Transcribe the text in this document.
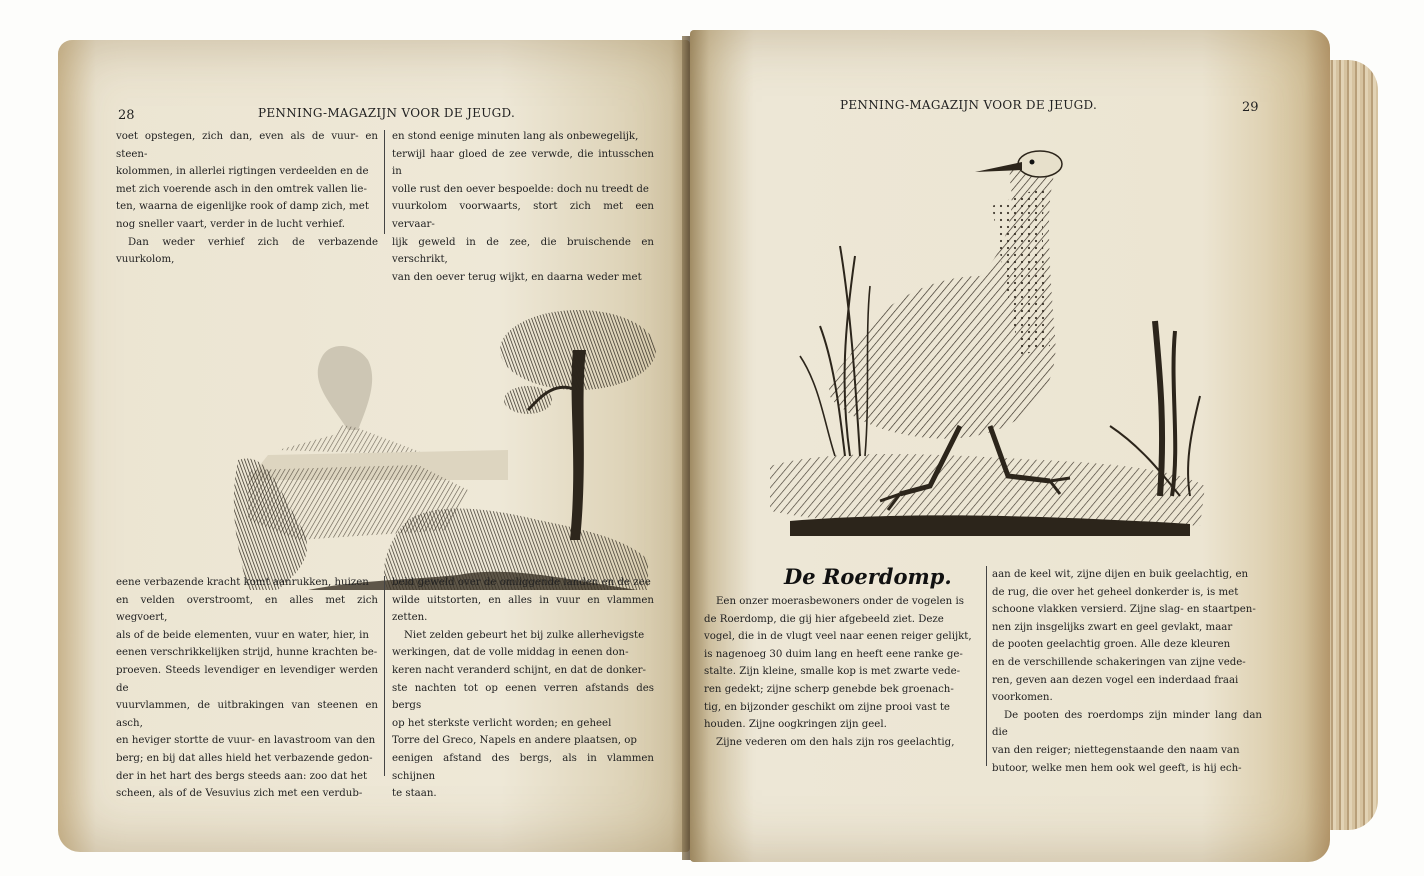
28	PENNING-MAGAZIJN VOOR DE JEUGD.

voet opstegen, zich dan, even als de vuur- en steen-

kolommen, in allerlei rigtingen verdeelden en de

met zich voerende asch in den omtrek vallen lie-

ten, waarna de eigenlijke rook of damp zich, met

nog sneller vaart, verder in de lucht verhief.

Dan weder verhief zich de verbazende vuurkolom,

en stond eenige minuten lang als onbewegelijk,

terwijl haar gloed de zee verwde, die intusschen in

volle rust den oever bespoelde: doch nu treedt de

vuurkolom voorwaarts, stort zich met een vervaar-

lijk geweld in de zee, die bruischende en verschrikt,

van den oever terug wijkt, en daarna weder met

eene verbazende kracht komt aanrukken, huizen

en velden overstroomt, en alles met zich wegvoert,

als of de beide elementen, vuur en water, hier, in

eenen verschrikkelijken strijd, hunne krachten be-

proeven. Steeds levendiger en levendiger werden de

vuurvlammen, de uitbrakingen van steenen en asch,

en heviger stortte de vuur- en lavastroom van den

berg; en bij dat alles hield het verbazende gedon-

der in het hart des bergs steeds aan: zoo dat het

scheen, als of de Vesuvius zich met een verdub-

beld geweld over de omliggende landen en de zee

wilde uitstorten, en alles in vuur en vlammen zetten.

Niet zelden gebeurt het bij zulke allerhevigste

werkingen, dat de volle middag in eenen don-

keren nacht veranderd schijnt, en dat de donker-

ste nachten tot op eenen verren afstands des bergs

op het sterkste verlicht worden; en geheel

Torre del Greco, Napels en andere plaatsen, op

eenigen afstand des bergs, als in vlammen schijnen

te staan.

PENNING-MAGAZIJN VOOR DE JEUGD.	29
De Roerdomp.

Een onzer moerasbewoners onder de vogelen is

de Roerdomp, die gij hier afgebeeld ziet. Deze

vogel, die in de vlugt veel naar eenen reiger gelijkt,

is nagenoeg 30 duim lang en heeft eene ranke ge-

stalte. Zijn kleine, smalle kop is met zwarte vede-

ren gedekt; zijne scherp genebde bek groenach-

tig, en bijzonder geschikt om zijne prooi vast te

houden. Zijne oogkringen zijn geel.

Zijne vederen om den hals zijn ros geelachtig,

aan de keel wit, zijne dijen en buik geelachtig, en

de rug, die over het geheel donkerder is, is met

schoone vlakken versierd. Zijne slag- en staartpen-

nen zijn insgelijks zwart en geel gevlakt, maar

de pooten geelachtig groen. Alle deze kleuren

en de verschillende schakeringen van zijne vede-

ren, geven aan dezen vogel een inderdaad fraai

voorkomen.

De pooten des roerdomps zijn minder lang dan die

van den reiger; niettegenstaande den naam van

butoor, welke men hem ook wel geeft, is hij ech-
